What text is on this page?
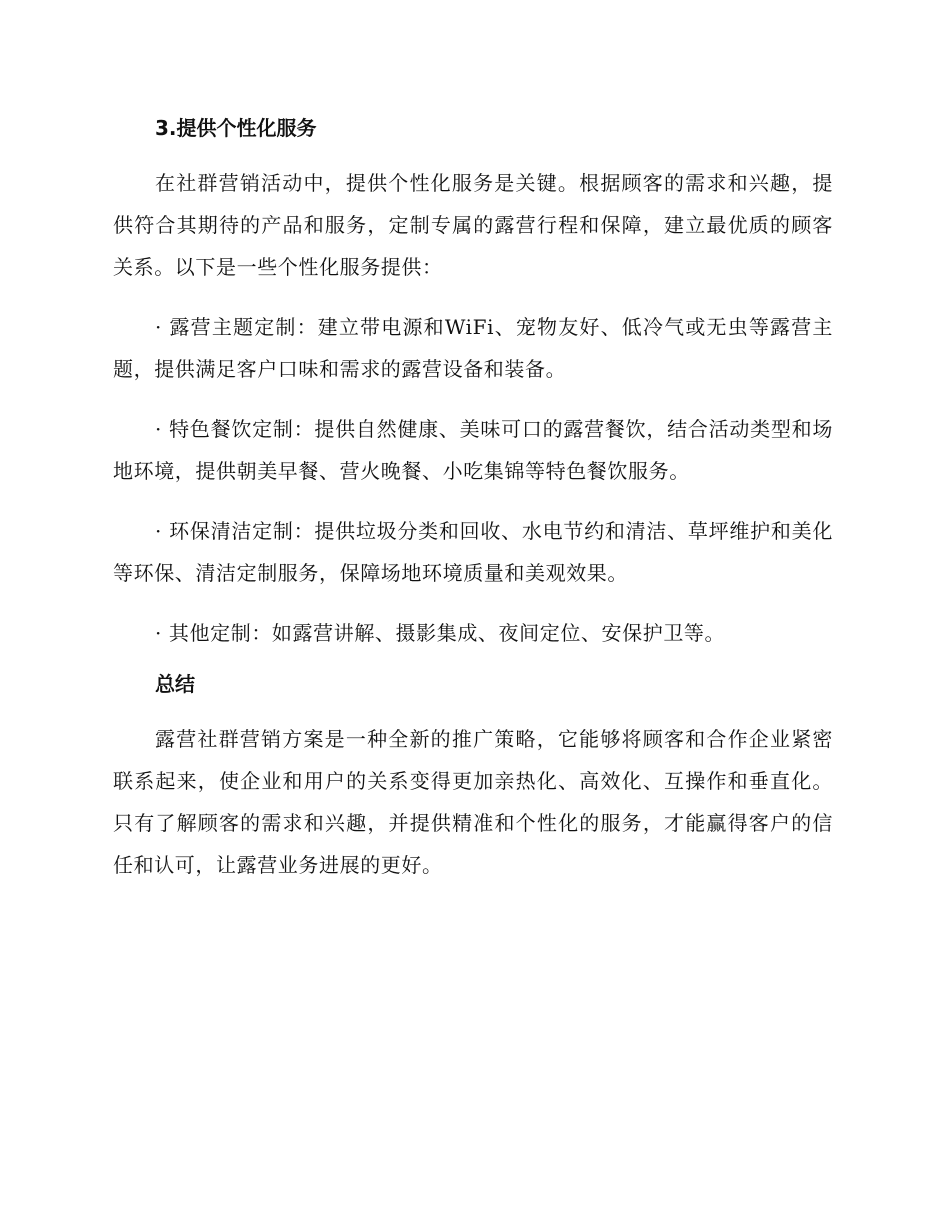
3.提供个性化服务

在社群营销活动中，提供个性化服务是关键。根据顾客的需求和兴趣，提供符合其期待的产品和服务，定制专属的露营行程和保障，建立最优质的顾客关系。以下是一些个性化服务提供：

· 露营主题定制：建立带电源和WiFi、宠物友好、低冷气或无虫等露营主题，提供满足客户口味和需求的露营设备和装备。

· 特色餐饮定制：提供自然健康、美味可口的露营餐饮，结合活动类型和场地环境，提供朝美早餐、营火晚餐、小吃集锦等特色餐饮服务。

· 环保清洁定制：提供垃圾分类和回收、水电节约和清洁、草坪维护和美化等环保、清洁定制服务，保障场地环境质量和美观效果。

· 其他定制：如露营讲解、摄影集成、夜间定位、安保护卫等。

总结

露营社群营销方案是一种全新的推广策略，它能够将顾客和合作企业紧密联系起来，使企业和用户的关系变得更加亲热化、高效化、互操作和垂直化。只有了解顾客的需求和兴趣，并提供精准和个性化的服务，才能赢得客户的信任和认可，让露营业务进展的更好。
